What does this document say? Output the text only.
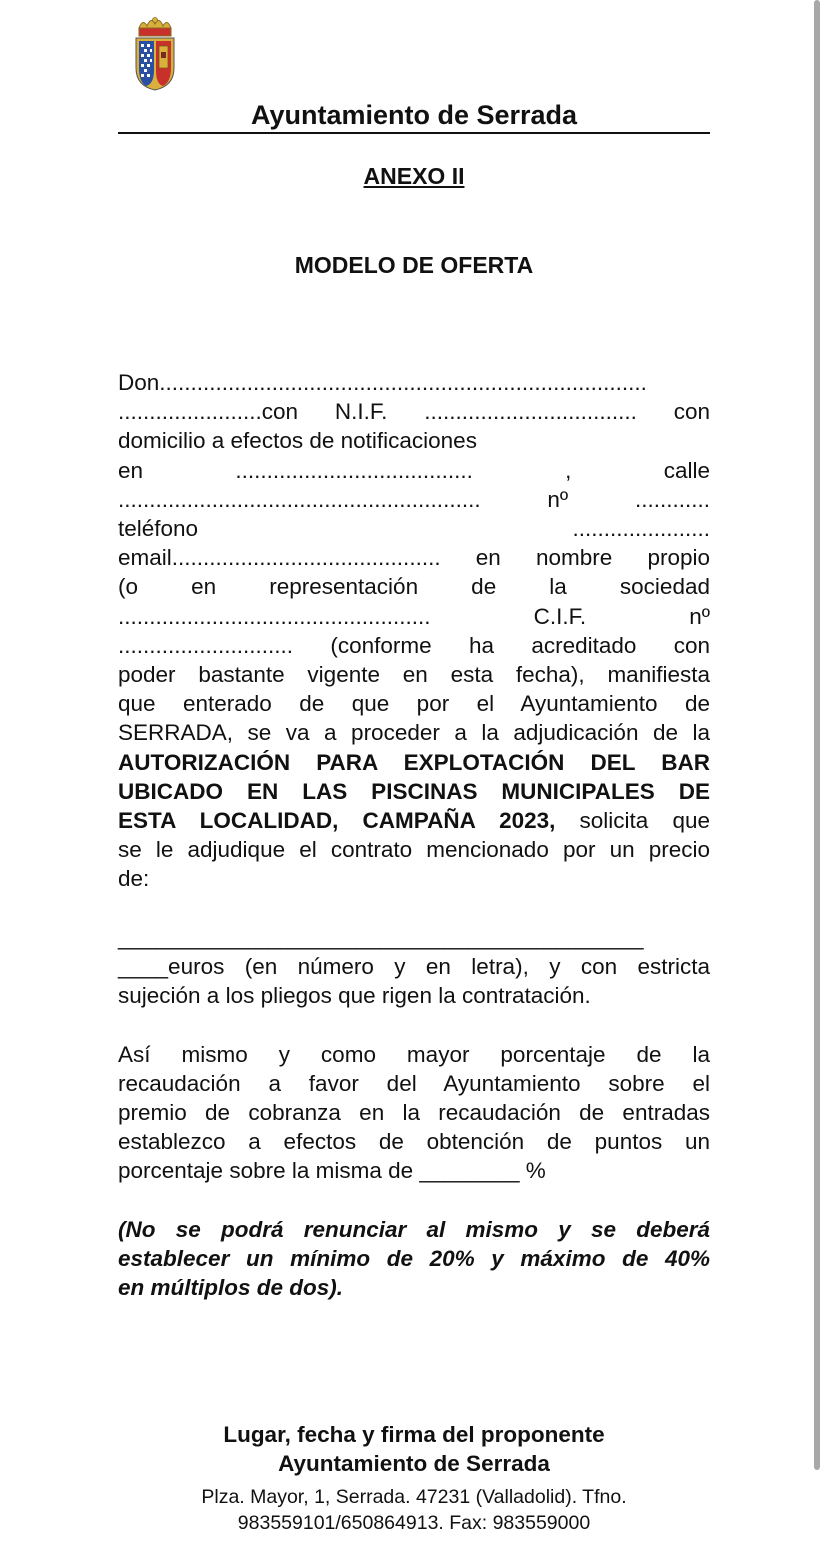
Ayuntamiento de Serrada
ANEXO II
MODELO DE OFERTA
Don..............................................................................
.......................con N.I.F. .................................. con
domicilio a efectos de notificaciones
en	......................................	,	calle
..........................................................	nº	............
teléfono	......................
email........................................... en nombre propio
(o en representación de la sociedad
..................................................	C.I.F.	nº
............................ (conforme ha acreditado con
poder bastante vigente en esta fecha), manifiesta
que enterado de que por el Ayuntamiento de
SERRADA, se va a proceder a la adjudicación de la
AUTORIZACIÓN PARA EXPLOTACIÓN DEL BAR
UBICADO EN LAS PISCINAS MUNICIPALES DE
ESTA LOCALIDAD, CAMPAÑA 2023, solicita que
se le adjudique el contrato mencionado por un precio
de:
__________________________________________
____euros (en número y en letra), y con estricta
sujeción a los pliegos que rigen la contratación.
Así mismo y como mayor porcentaje de la
recaudación a favor del Ayuntamiento sobre el
premio de cobranza en la recaudación de entradas
establezco a efectos de obtención de puntos un
porcentaje sobre la misma de ________ %
(No se podrá renunciar al mismo y se deberá
establecer un mínimo de 20% y máximo de 40%
en múltiplos de dos).
Lugar, fecha y firma del proponente
Ayuntamiento de Serrada
Plza. Mayor, 1, Serrada. 47231 (Valladolid). Tfno.
983559101/650864913. Fax: 983559000
